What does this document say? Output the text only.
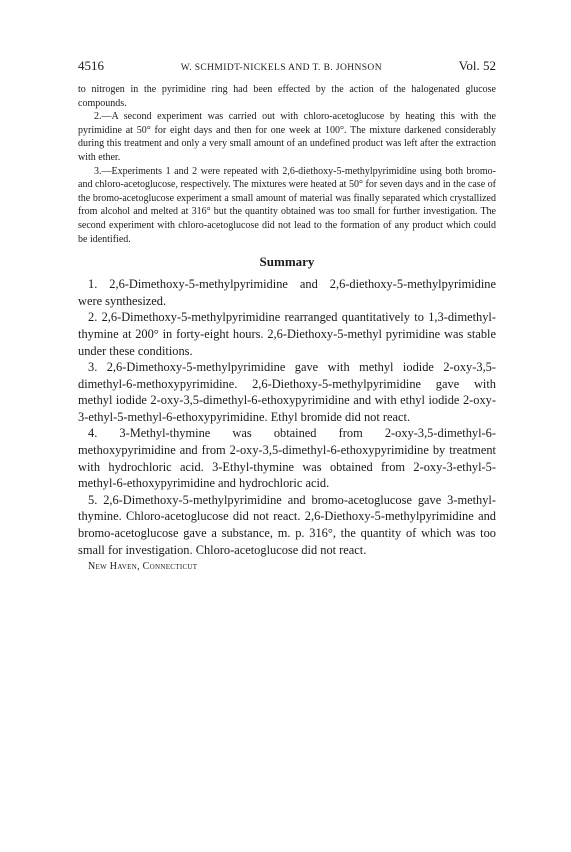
4516	W. SCHMIDT-NICKELS AND T. B. JOHNSON	Vol. 52

to nitrogen in the pyrimidine ring had been effected by the action of the halogenated glucose compounds.

2.—A second experiment was carried out with chloro-acetoglucose by heating this with the pyrimidine at 50° for eight days and then for one week at 100°. The mixture darkened considerably during this treatment and only a very small amount of an undefined product was left after the extraction with ether.

3.—Experiments 1 and 2 were repeated with 2,6-diethoxy-5-methylpyrimidine using both bromo- and chloro-acetoglucose, respectively. The mixtures were heated at 50° for seven days and in the case of the bromo-acetoglucose experiment a small amount of material was finally separated which crystallized from alcohol and melted at 316° but the quantity obtained was too small for further investigation. The second experiment with chloro-acetoglucose did not lead to the formation of any product which could be identified.

Summary

1. 2,6-Dimethoxy-5-methylpyrimidine and 2,6-diethoxy-5-methylpyrimidine were synthesized.

2. 2,6-Dimethoxy-5-methylpyrimidine rearranged quantitatively to 1,3-dimethyl-thymine at 200° in forty-eight hours. 2,6-Diethoxy-5-methyl pyrimidine was stable under these conditions.

3. 2,6-Dimethoxy-5-methylpyrimidine gave with methyl iodide 2-oxy-3,5-dimethyl-6-methoxypyrimidine. 2,6-Diethoxy-5-methylpyrimidine gave with methyl iodide 2-oxy-3,5-dimethyl-6-ethoxypyrimidine and with ethyl iodide 2-oxy-3-ethyl-5-methyl-6-ethoxypyrimidine. Ethyl bromide did not react.

4. 3-Methyl-thymine was obtained from 2-oxy-3,5-dimethyl-6-methoxypyrimidine and from 2-oxy-3,5-dimethyl-6-ethoxypyrimidine by treatment with hydrochloric acid. 3-Ethyl-thymine was obtained from 2-oxy-3-ethyl-5-methyl-6-ethoxypyrimidine and hydrochloric acid.

5. 2,6-Dimethoxy-5-methylpyrimidine and bromo-acetoglucose gave 3-methyl-thymine. Chloro-acetoglucose did not react. 2,6-Diethoxy-5-methylpyrimidine and bromo-acetoglucose gave a substance, m. p. 316°, the quantity of which was too small for investigation. Chloro-acetoglucose did not react.

New Haven, Connecticut
